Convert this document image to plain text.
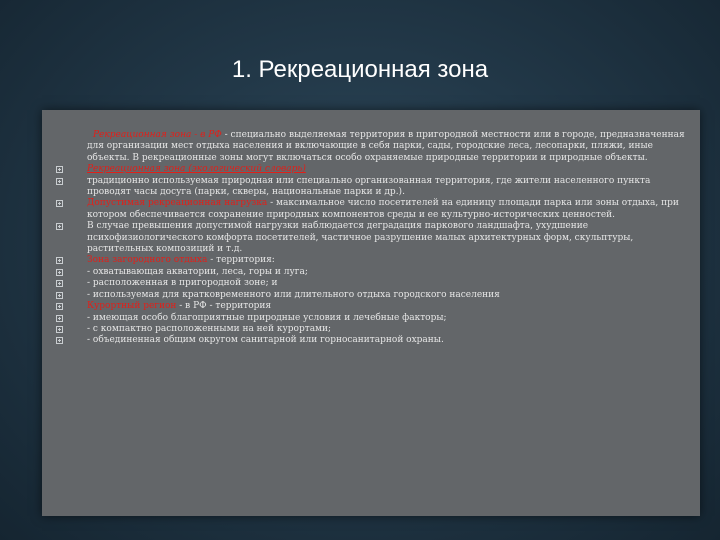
1. Рекреационная зона
Рекреационная зона - в РФ - специально выделяемая территория в пригородной местности или в городе, предназначенная для организации мест отдыха населения и включающие в себя парки, сады, городские леса, лесопарки, пляжи, иные объекты. В рекреационные зоны могут включаться особо охраняемые природные территории и природные объекты.
Рекреационная зона (экологический словарь)
традиционно используемая природная или специально организованная территория, где жители населенного пункта проводят часы досуга (парки, скверы, национальные парки и др.).
Допустимая рекреационная нагрузка - максимальное число посетителей на единицу площади парка или зоны отдыха, при котором обеспечивается сохранение природных компонентов среды и ее культурно-исторических ценностей.
В случае превышения допустимой нагрузки наблюдается деградация паркового ландшафта, ухудшение психофизиологического комфорта посетителей, частичное разрушение малых архитектурных форм, скульптуры, растительных композиций и т.д.
Зона загородного отдыха - территория:
- охватывающая акватории, леса, горы и луга;
- расположенная в пригородной зоне; и
- используемая для кратковременного или длительного отдыха городского населения
Курортный регион - в РФ - территория
- имеющая особо благоприятные природные условия и лечебные факторы;
- с компактно расположенными на ней курортами;
- объединенная общим округом санитарной или горносанитарной охраны.
